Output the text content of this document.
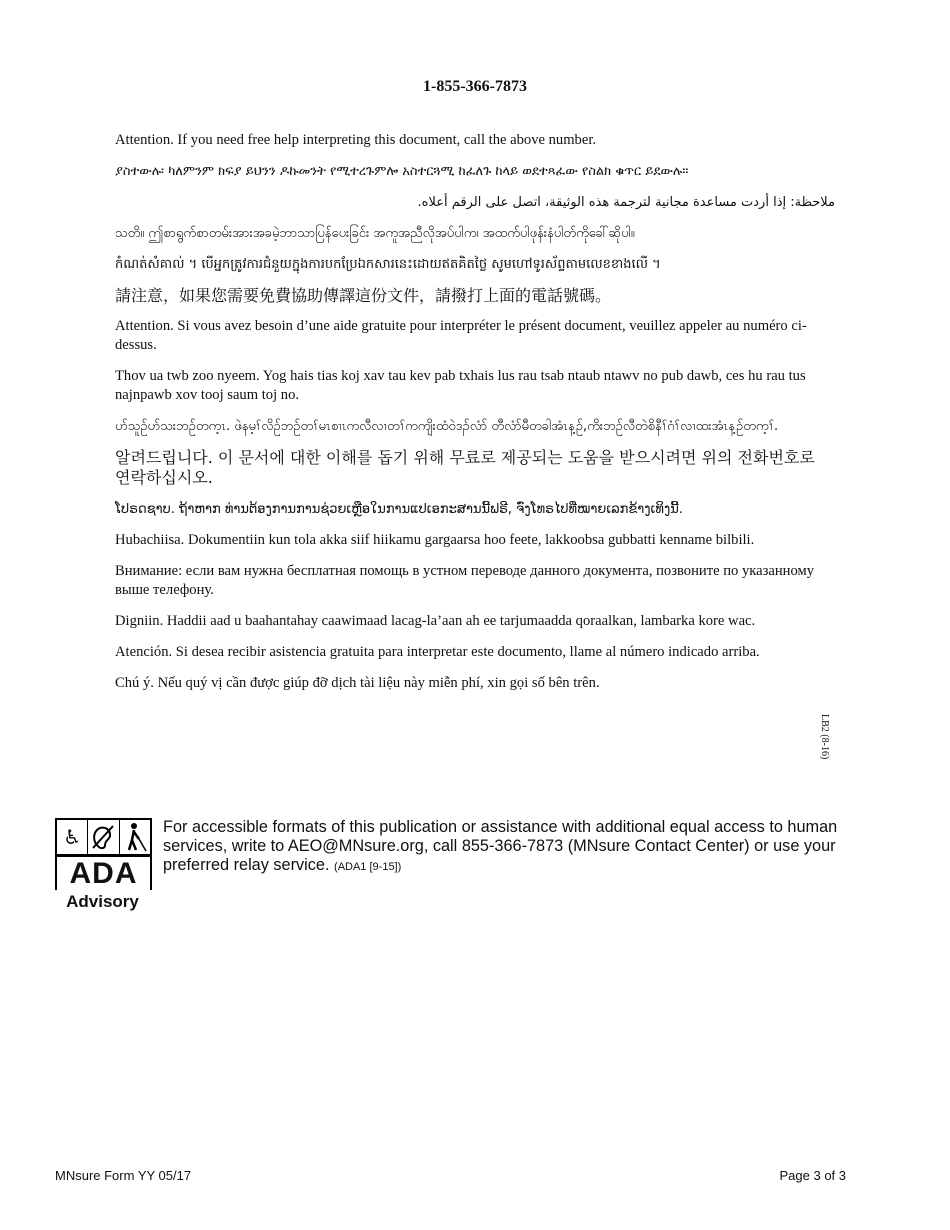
1-855-366-7873

Attention. If you need free help interpreting this document, call the above number.

ያስተውሉ፡ ካለምንም ክፍያ ይህንን ዶኩመንት የሚተረጉምሎ አስተርጓሚ ከፈለጉ ከላይ ወደተጻፈው የስልክ ቁጥር ይደውሉ።

ملاحظة: إذا أردت مساعدة مجانية لترجمة هذه الوثيقة، اتصل على الرقم أعلاه.

သတိ။ ဤစာရွက်စာတမ်းအားအခမဲ့ဘာသာပြန်ပေးခြင်း အကူအညီလိုအပ်ပါက၊ အထက်ပါဖုန်းနံပါတ်ကိုခေါ်ဆိုပါ။

កំណត់សំគាល់ ។ បើអ្នកត្រូវការជំនួយក្នុងការបកប្រែឯកសារនេះដោយឥតគិតថ្លៃ សូមហៅទូរស័ព្ទតាមលេខខាងលើ ។

請注意，如果您需要免費協助傳譯這份文件，請撥打上面的電話號碼。

Attention. Si vous avez besoin d’une aide gratuite pour interpréter le présent document, veuillez appeler au numéro ci-dessus.

Thov ua twb zoo nyeem. Yog hais tias koj xav tau kev pab txhais lus rau tsab ntaub ntawv no pub dawb, ces hu rau tus najnpawb xov tooj saum toj no.

ဟ်သူဉ်ဟ်သးဘဉ်တက့ၤ. ဖဲနမ့ၢ်လိဉ်ဘဉ်တၢ်မၤစၢၤကလီလၢတၢ်ကကျိးထံဝဲဒၣ်လံာ် တီလံာ်မီတခါအံၤန့ဉ်,ကိးဘဉ်လီတဲစိနီၢ်ဂံၢ်လၢထးအံၤန့ဉ်တက့ၢ်.

알려드립니다. 이 문서에 대한 이해를 돕기 위해 무료로 제공되는 도움을 받으시려면 위의 전화번호로 연락하십시오.

ໂປຣດຊາບ. ຖ້າຫາກ ທ່ານຕ້ອງການການຊ່ວຍເຫຼືອໃນການແປເອກະສານນີ້ຟຣີ, ຈົ່ງໂທຣໄປທີ່ໝາຍເລກຂ້າງເທິງນີ້.

Hubachiisa. Dokumentiin kun tola akka siif hiikamu gargaarsa hoo feete, lakkoobsa gubbatti kenname bilbili.

Внимание: если вам нужна бесплатная помощь в устном переводе данного документа, позвоните по указанному выше телефону.

Digniin. Haddii aad u baahantahay caawimaad lacag-la’aan ah ee tarjumaadda qoraalkan, lambarka kore wac.

Atención. Si desea recibir asistencia gratuita para interpretar este documento, llame al número indicado arriba.

Chú ý. Nếu quý vị cần được giúp đỡ dịch tài liệu này miễn phí, xin gọi số bên trên.

LB2 (8-16)
♿
ADA
Advisory
For accessible formats of this publication or assistance with additional equal access to human services, write to AEO@MNsure.org, call 855-366-7873 (MNsure Contact Center) or use your preferred relay service. (ADA1 [9-15])
MNsure Form YY 05/17	Page 3 of 3
